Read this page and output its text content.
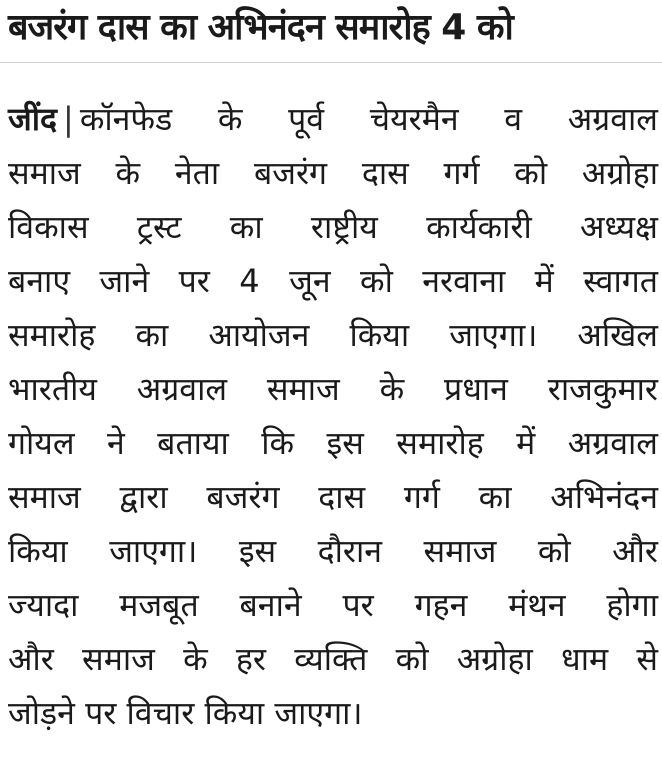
बजरंग दास का अभिनंदन समारोह 4 को
जींद | कॉनफेड के पूर्व चेयरमैन व अग्रवाल
समाज के नेता बजरंग दास गर्ग को अग्रोहा
विकास ट्रस्ट का राष्ट्रीय कार्यकारी अध्यक्ष
बनाए जाने पर 4 जून को नरवाना में स्वागत
समारोह का आयोजन किया जाएगा। अखिल
भारतीय अग्रवाल समाज के प्रधान राजकुमार
गोयल ने बताया कि इस समारोह में अग्रवाल
समाज द्वारा बजरंग दास गर्ग का अभिनंदन
किया जाएगा। इस दौरान समाज को और
ज्यादा मजबूत बनाने पर गहन मंथन होगा
और समाज के हर व्यक्ति को अग्रोहा धाम से
जोड़ने पर विचार किया जाएगा।
